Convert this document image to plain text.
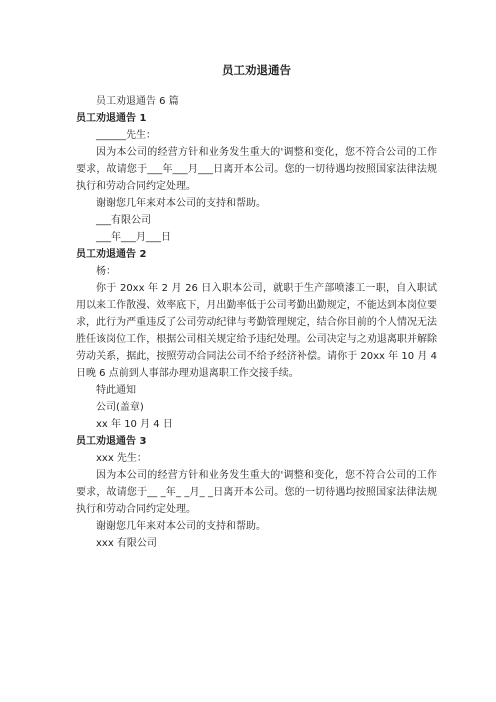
员工劝退通告

员工劝退通告 6 篇

员工劝退通告 1

______先生：

因为本公司的经营方针和业务发生重大的'调整和变化，您不符合公司的工作要求，故请您于___年___月___日离开本公司。您的一切待遇均按照国家法律法规执行和劳动合同约定处理。

谢谢您几年来对本公司的支持和帮助。

___有限公司

___年___月___日

员工劝退通告 2

杨：

你于 20xx 年 2 月 26 日入职本公司，就职于生产部喷漆工一职，自入职试用以来工作散漫、效率底下，月出勤率低于公司考勤出勤规定，不能达到本岗位要求，此行为严重违反了公司劳动纪律与考勤管理规定，结合你目前的个人情况无法胜任该岗位工作，根据公司相关规定给予违纪处理。公司决定与之劝退离职并解除劳动关系，据此，按照劳动合同法公司不给予经济补偿。请你于 20xx 年 10 月 4 日晚 6 点前到人事部办理劝退离职工作交接手续。

特此通知

公司(盖章)

xx 年 10 月 4 日

员工劝退通告 3

xxx 先生：

因为本公司的经营方针和业务发生重大的'调整和变化，您不符合公司的工作要求，故请您于__ _年_ _月_ _日离开本公司。您的一切待遇均按照国家法律法规执行和劳动合同约定处理。

谢谢您几年来对本公司的支持和帮助。

xxx 有限公司
